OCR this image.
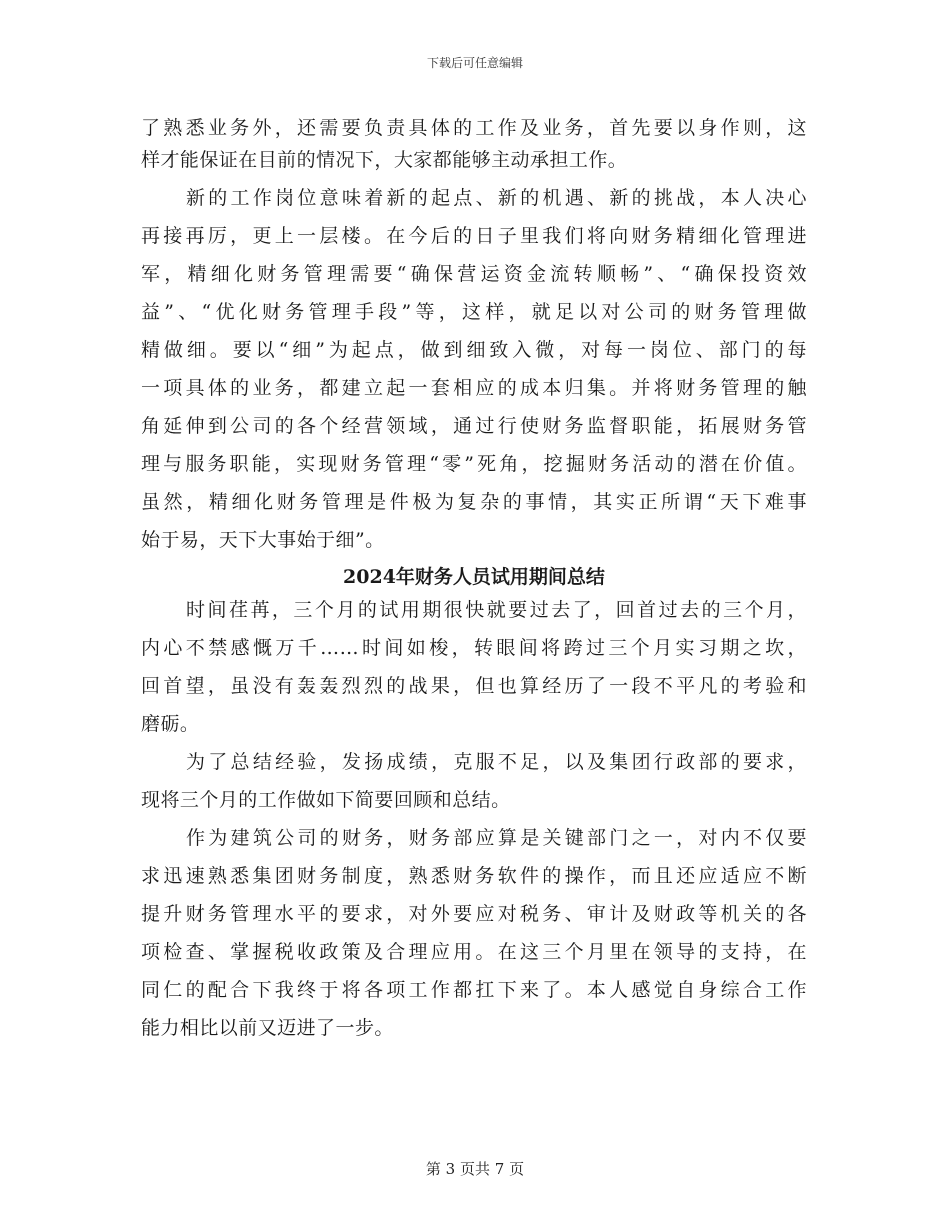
下载后可任意编辑
了熟悉业务外，还需要负责具体的工作及业务，首先要以身作则，这
样才能保证在目前的情况下，大家都能够主动承担工作。
新的工作岗位意味着新的起点、新的机遇、新的挑战，本人决心
再接再厉，更上一层楼。在今后的日子里我们将向财务精细化管理进
军，精细化财务管理需要“确保营运资金流转顺畅”、“确保投资效
益”、“优化财务管理手段”等，这样，就足以对公司的财务管理做
精做细。要以“细”为起点，做到细致入微，对每一岗位、部门的每
一项具体的业务，都建立起一套相应的成本归集。并将财务管理的触
角延伸到公司的各个经营领域，通过行使财务监督职能，拓展财务管
理与服务职能，实现财务管理“零”死角，挖掘财务活动的潜在价值。
虽然，精细化财务管理是件极为复杂的事情，其实正所谓“天下难事
始于易，天下大事始于细”。
2024年财务人员试用期间总结
时间荏苒，三个月的试用期很快就要过去了，回首过去的三个月，
内心不禁感慨万千……时间如梭，转眼间将跨过三个月实习期之坎，
回首望，虽没有轰轰烈烈的战果，但也算经历了一段不平凡的考验和
磨砺。
为了总结经验，发扬成绩，克服不足，以及集团行政部的要求，
现将三个月的工作做如下简要回顾和总结。
作为建筑公司的财务，财务部应算是关键部门之一，对内不仅要
求迅速熟悉集团财务制度，熟悉财务软件的操作，而且还应适应不断
提升财务管理水平的要求，对外要应对税务、审计及财政等机关的各
项检查、掌握税收政策及合理应用。在这三个月里在领导的支持，在
同仁的配合下我终于将各项工作都扛下来了。本人感觉自身综合工作
能力相比以前又迈进了一步。
第 3 页共 7 页
